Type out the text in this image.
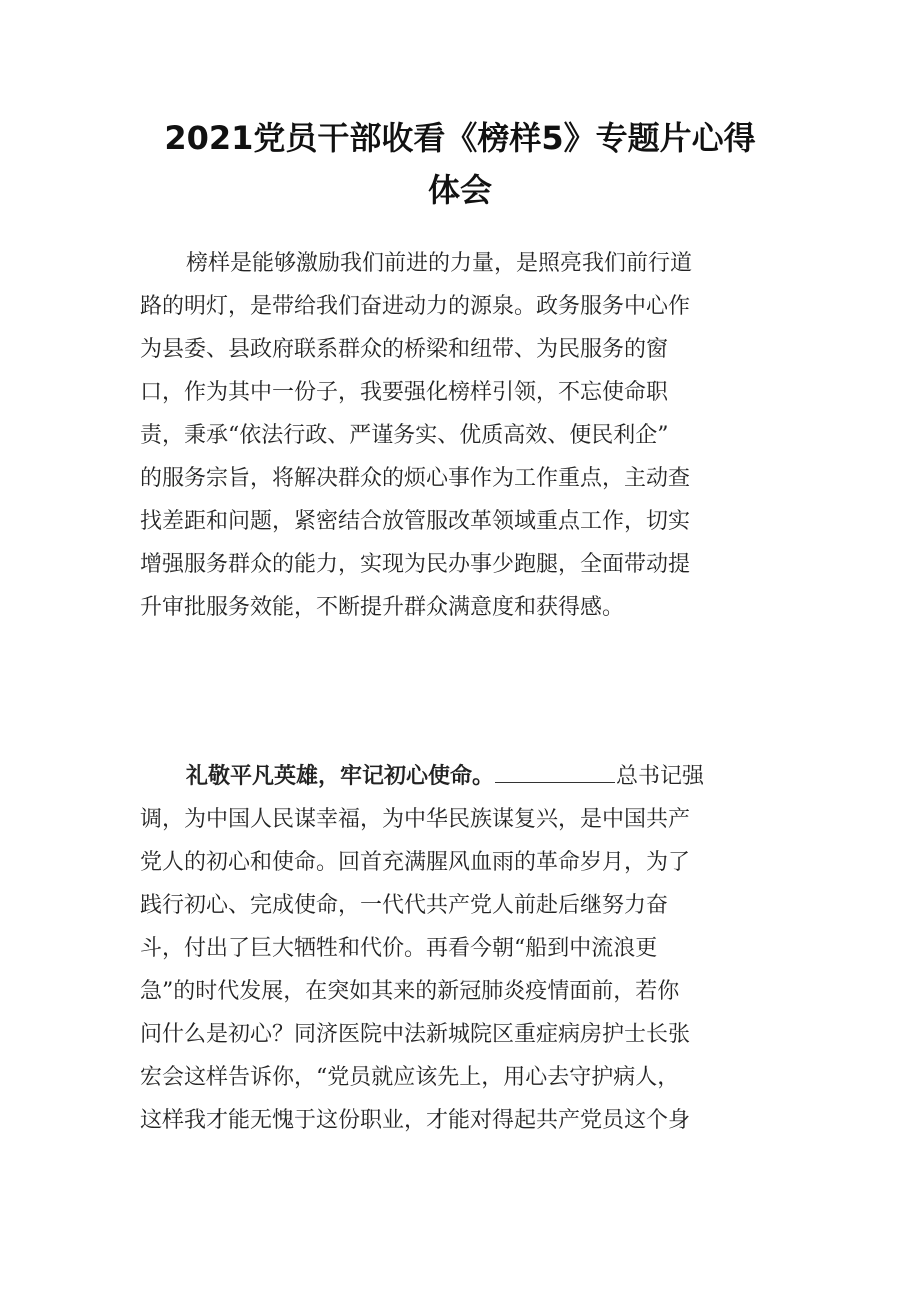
2021党员干部收看《榜样5》专题片心得
体会
榜样是能够激励我们前进的力量，是照亮我们前行道
路的明灯，是带给我们奋进动力的源泉。政务服务中心作
为县委、县政府联系群众的桥梁和纽带、为民服务的窗
口，作为其中一份子，我要强化榜样引领，不忘使命职
责，秉承“依法行政、严谨务实、优质高效、便民利企”
的服务宗旨，将解决群众的烦心事作为工作重点，主动查
找差距和问题，紧密结合放管服改革领域重点工作，切实
增强服务群众的能力，实现为民办事少跑腿，全面带动提
升审批服务效能，不断提升群众满意度和获得感。
礼敬平凡英雄，牢记初心使命。	总书记强
调，为中国人民谋幸福，为中华民族谋复兴，是中国共产
党人的初心和使命。回首充满腥风血雨的革命岁月，为了
践行初心、完成使命，一代代共产党人前赴后继努力奋
斗，付出了巨大牺牲和代价。再看今朝“船到中流浪更
急”的时代发展，在突如其来的新冠肺炎疫情面前，若你
问什么是初心？同济医院中法新城院区重症病房护士长张
宏会这样告诉你，“党员就应该先上，用心去守护病人，
这样我才能无愧于这份职业，才能对得起共产党员这个身
